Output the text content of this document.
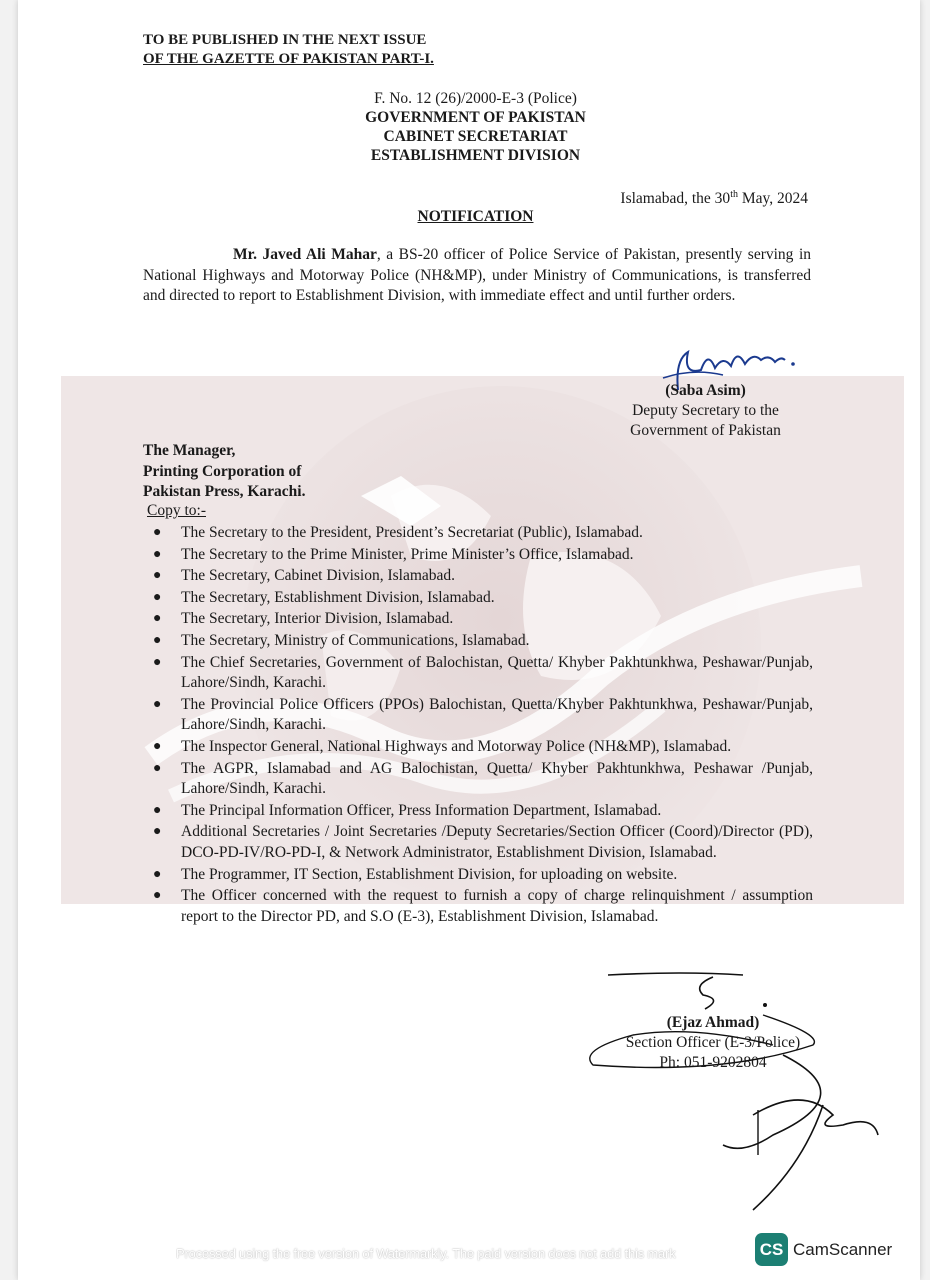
TO BE PUBLISHED IN THE NEXT ISSUE
OF THE GAZETTE OF PAKISTAN PART-I.
F. No. 12 (26)/2000-E-3 (Police)
GOVERNMENT OF PAKISTAN
CABINET SECRETARIAT
ESTABLISHMENT DIVISION
Islamabad, the 30th May, 2024
NOTIFICATION
Mr. Javed Ali Mahar, a BS-20 officer of Police Service of Pakistan, presently serving in National Highways and Motorway Police (NH&MP), under Ministry of Communications, is transferred and directed to report to Establishment Division, with immediate effect and until further orders.
(Saba Asim)
Deputy Secretary to the
Government of Pakistan
The Manager,
Printing Corporation of
Pakistan Press, Karachi.
Copy to:-
● The Secretary to the President, President’s Secretariat (Public), Islamabad.
● The Secretary to the Prime Minister, Prime Minister’s Office, Islamabad.
● The Secretary, Cabinet Division, Islamabad.
● The Secretary, Establishment Division, Islamabad.
● The Secretary, Interior Division, Islamabad.
● The Secretary, Ministry of Communications, Islamabad.
● The Chief Secretaries, Government of Balochistan, Quetta/ Khyber Pakhtunkhwa, Peshawar/Punjab, Lahore/Sindh, Karachi.
● The Provincial Police Officers (PPOs) Balochistan, Quetta/Khyber Pakhtunkhwa, Peshawar/Punjab, Lahore/Sindh, Karachi.
● The Inspector General, National Highways and Motorway Police (NH&MP), Islamabad.
● The AGPR, Islamabad and AG Balochistan, Quetta/ Khyber Pakhtunkhwa, Peshawar /Punjab, Lahore/Sindh, Karachi.
● The Principal Information Officer, Press Information Department, Islamabad.
● Additional Secretaries / Joint Secretaries /Deputy Secretaries/Section Officer (Coord)/Director (PD), DCO-PD-IV/RO-PD-I, & Network Administrator, Establishment Division, Islamabad.
● The Programmer, IT Section, Establishment Division, for uploading on website.
● The Officer concerned with the request to furnish a copy of charge relinquishment / assumption report to the Director PD, and S.O (E-3), Establishment Division, Islamabad.
(Ejaz Ahmad)
Section Officer (E-3/Police)
Ph: 051-9202804
Processed using the free version of Watermarkly. The paid version does not add this mark	CS CamScanner
